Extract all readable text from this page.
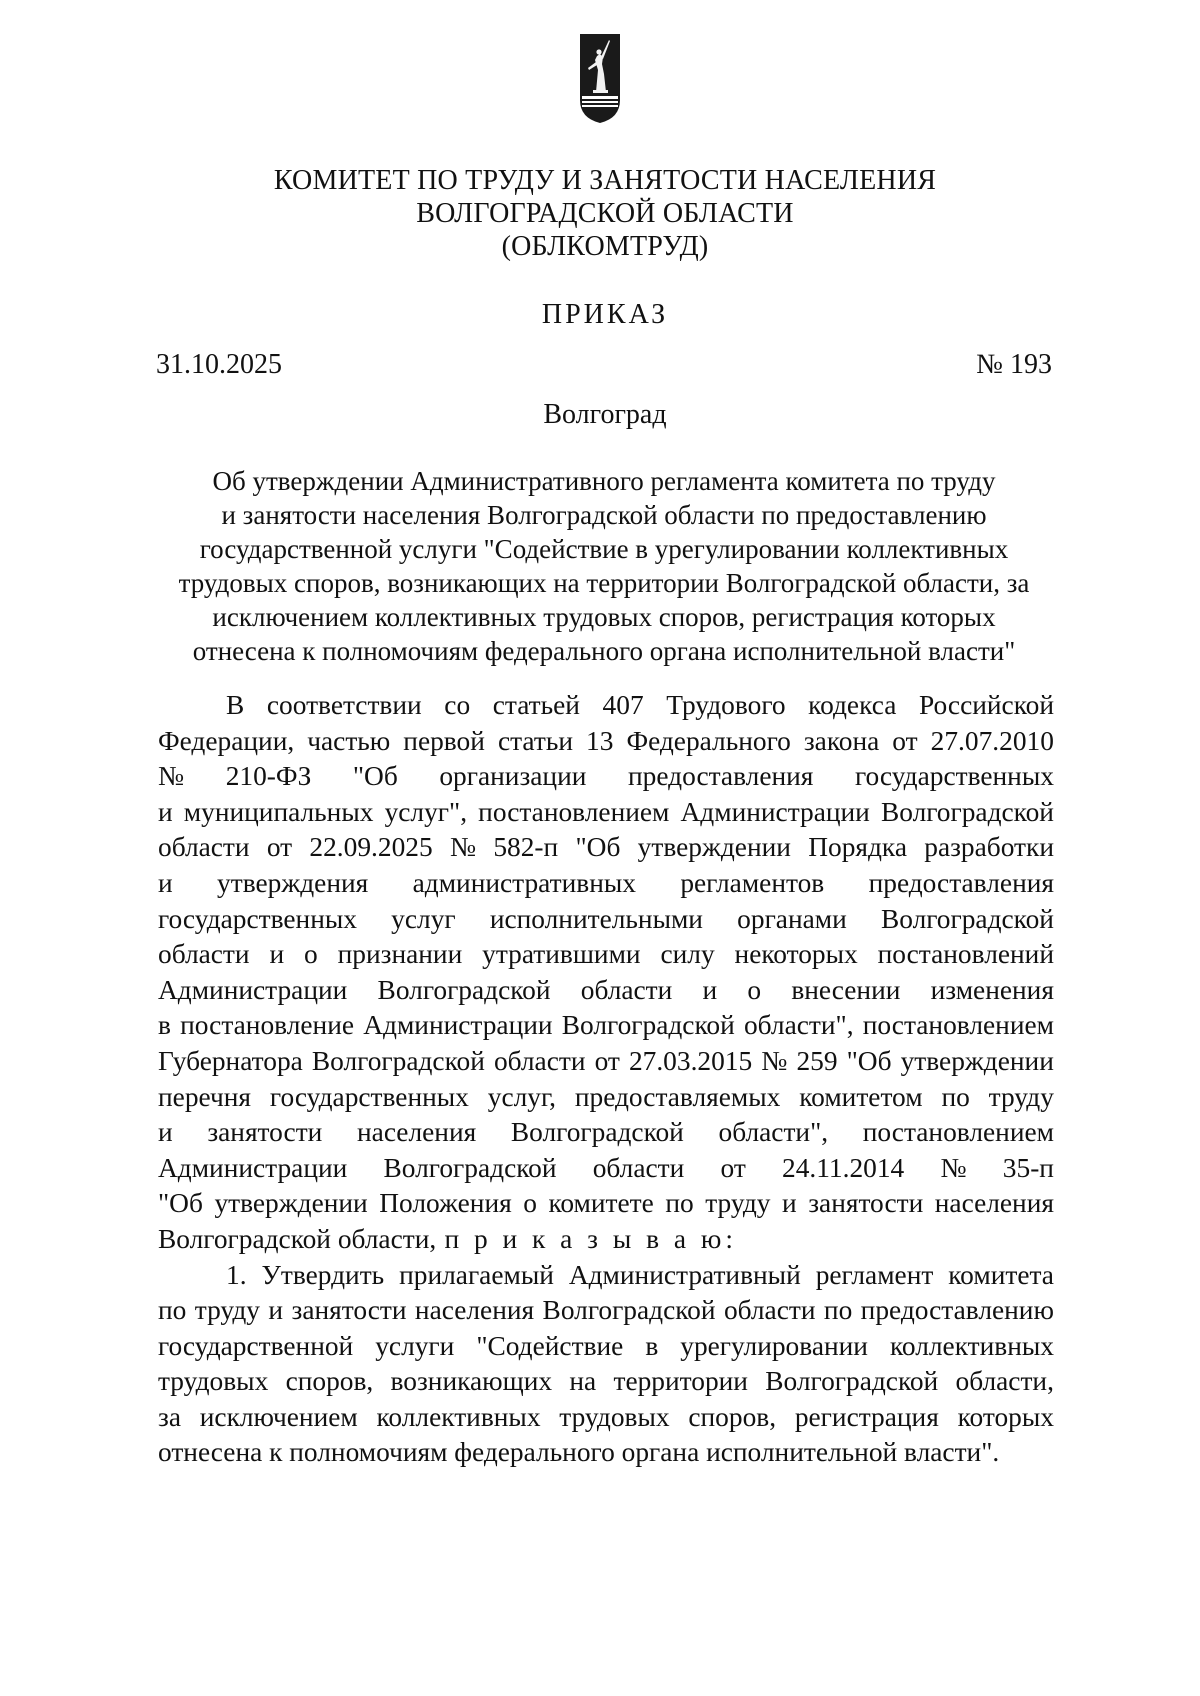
КОМИТЕТ ПО ТРУДУ И ЗАНЯТОСТИ НАСЕЛЕНИЯ
ВОЛГОГРАДСКОЙ ОБЛАСТИ
(ОБЛКОМТРУД)
ПРИКАЗ
31.10.2025	№ 193
Волгоград
Об утверждении Административного регламента комитета по труду
и занятости населения Волгоградской области по предоставлению
государственной услуги "Содействие в урегулировании коллективных
трудовых споров, возникающих на территории Волгоградской области, за
исключением коллективных трудовых споров, регистрация которых
отнесена к полномочиям федерального органа исполнительной власти"
В соответствии со статьей 407 Трудового кодекса Российской
Федерации, частью первой статьи 13 Федерального закона от 27.07.2010
№ 210-ФЗ "Об организации предоставления государственных
и муниципальных услуг", постановлением Администрации Волгоградской
области от 22.09.2025 № 582-п "Об утверждении Порядка разработки
и утверждения административных регламентов предоставления
государственных услуг исполнительными органами Волгоградской
области и о признании утратившими силу некоторых постановлений
Администрации Волгоградской области и о внесении изменения
в постановление Администрации Волгоградской области", постановлением
Губернатора Волгоградской области от 27.03.2015 № 259 "Об утверждении
перечня государственных услуг, предоставляемых комитетом по труду
и занятости населения Волгоградской области", постановлением
Администрации Волгоградской области от 24.11.2014 № 35-п
"Об утверждении Положения о комитете по труду и занятости населения
Волгоградской области, п р и к а з ы в а ю:
1. Утвердить прилагаемый Административный регламент комитета
по труду и занятости населения Волгоградской области по предоставлению
государственной услуги "Содействие в урегулировании коллективных
трудовых споров, возникающих на территории Волгоградской области,
за исключением коллективных трудовых споров, регистрация которых
отнесена к полномочиям федерального органа исполнительной власти".
